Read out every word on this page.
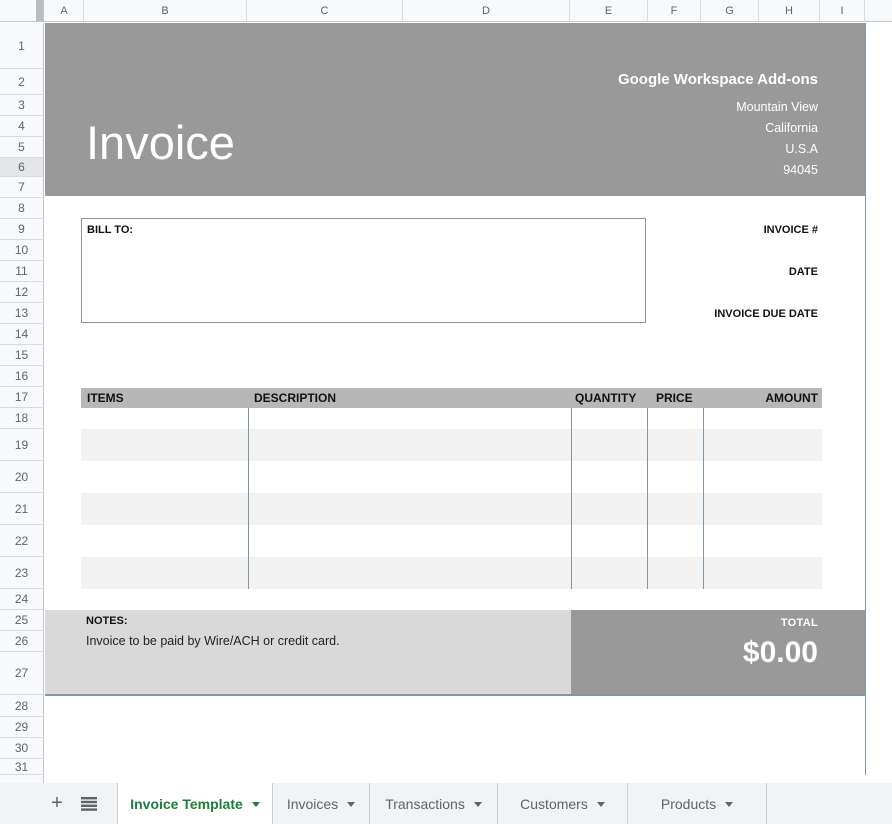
A	B	C	D	E	F	G	H	I
1
2
3
4
5
6
7
8
9
10
11
12
13
14
15
16
17
18
19
20
21
22
23
24
25
26
27
28
29
30
31
Invoice
Google Workspace Add-ons
Mountain View
California
U.S.A
94045
BILL TO:	INVOICE #
DATE
INVOICE DUE DATE
ITEMS	DESCRIPTION	QUANTITY	PRICE	AMOUNT
NOTES:
Invoice to be paid by Wire/ACH or credit card.
TOTAL
$0.00
+	Invoice Template	Invoices	Transactions	Customers	Products
